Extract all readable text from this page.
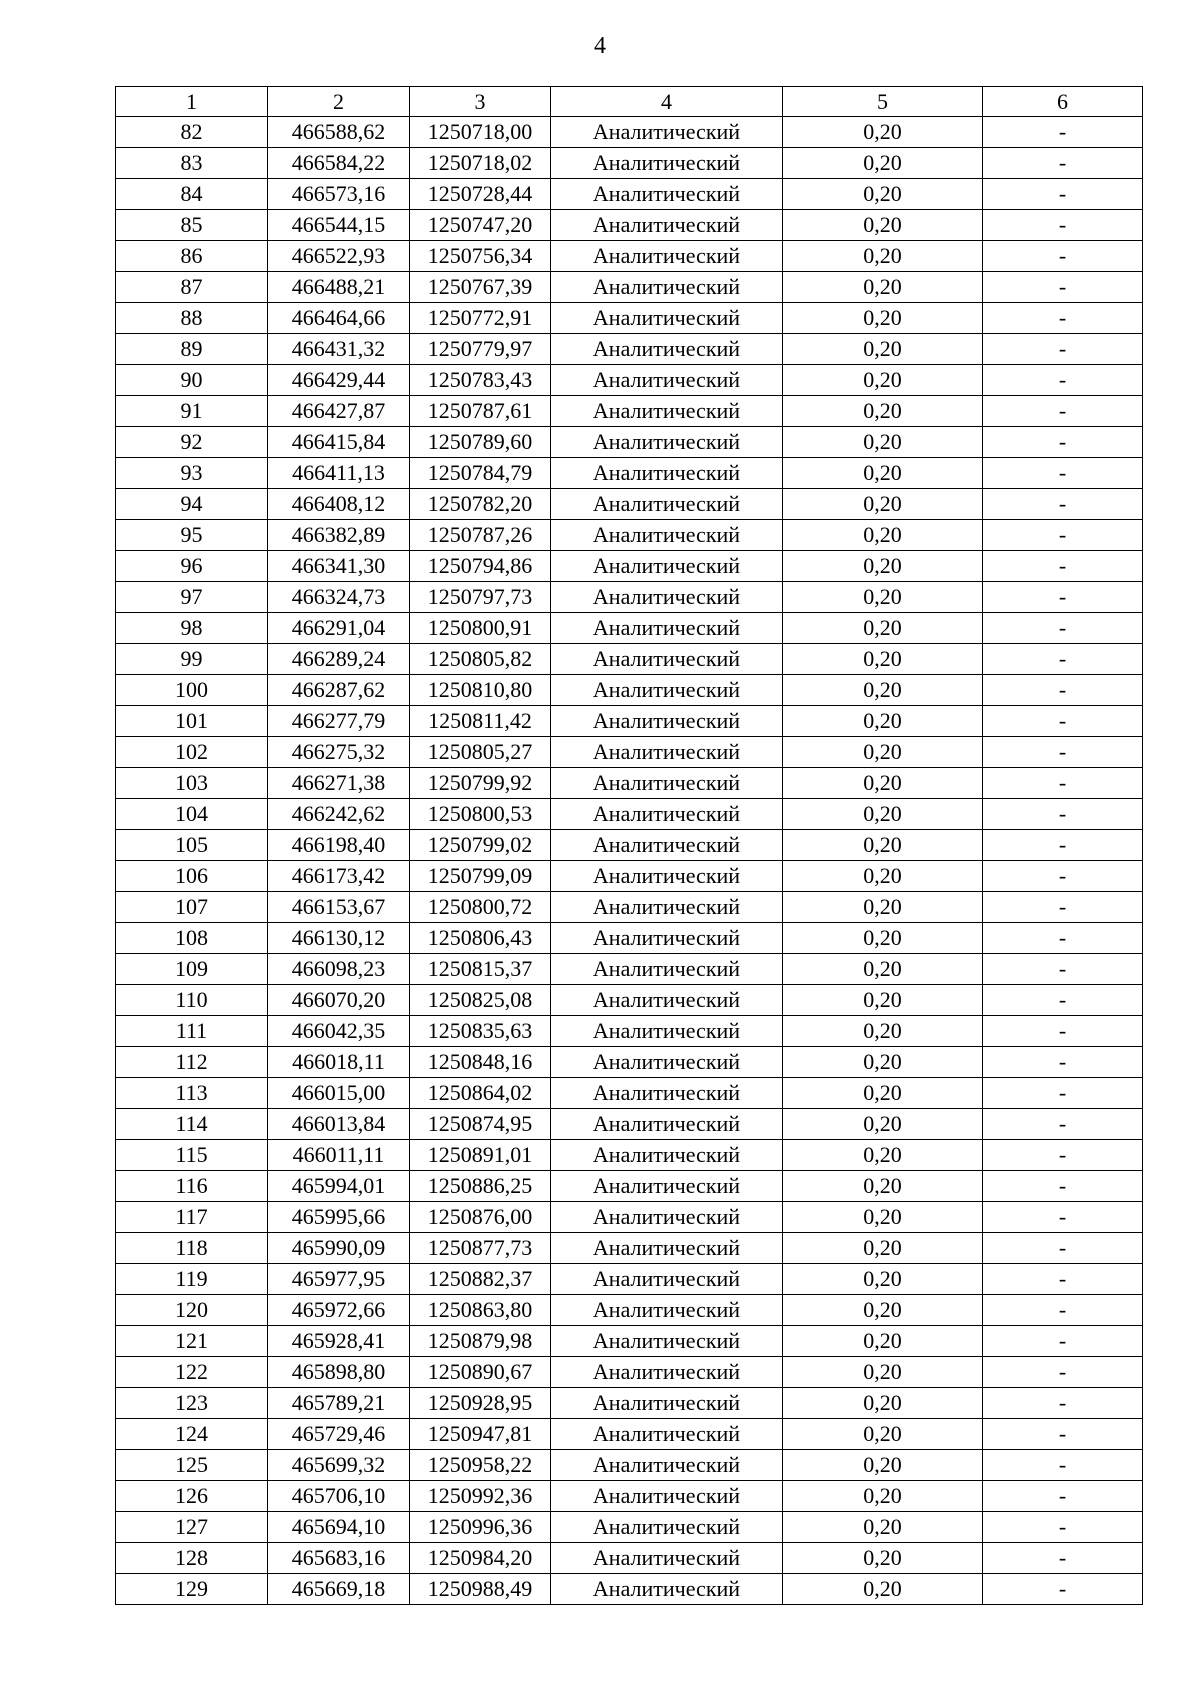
4
1	2	3	4	5	6
82	466588,62	1250718,00	Аналитический	0,20	-
83	466584,22	1250718,02	Аналитический	0,20	-
84	466573,16	1250728,44	Аналитический	0,20	-
85	466544,15	1250747,20	Аналитический	0,20	-
86	466522,93	1250756,34	Аналитический	0,20	-
87	466488,21	1250767,39	Аналитический	0,20	-
88	466464,66	1250772,91	Аналитический	0,20	-
89	466431,32	1250779,97	Аналитический	0,20	-
90	466429,44	1250783,43	Аналитический	0,20	-
91	466427,87	1250787,61	Аналитический	0,20	-
92	466415,84	1250789,60	Аналитический	0,20	-
93	466411,13	1250784,79	Аналитический	0,20	-
94	466408,12	1250782,20	Аналитический	0,20	-
95	466382,89	1250787,26	Аналитический	0,20	-
96	466341,30	1250794,86	Аналитический	0,20	-
97	466324,73	1250797,73	Аналитический	0,20	-
98	466291,04	1250800,91	Аналитический	0,20	-
99	466289,24	1250805,82	Аналитический	0,20	-
100	466287,62	1250810,80	Аналитический	0,20	-
101	466277,79	1250811,42	Аналитический	0,20	-
102	466275,32	1250805,27	Аналитический	0,20	-
103	466271,38	1250799,92	Аналитический	0,20	-
104	466242,62	1250800,53	Аналитический	0,20	-
105	466198,40	1250799,02	Аналитический	0,20	-
106	466173,42	1250799,09	Аналитический	0,20	-
107	466153,67	1250800,72	Аналитический	0,20	-
108	466130,12	1250806,43	Аналитический	0,20	-
109	466098,23	1250815,37	Аналитический	0,20	-
110	466070,20	1250825,08	Аналитический	0,20	-
111	466042,35	1250835,63	Аналитический	0,20	-
112	466018,11	1250848,16	Аналитический	0,20	-
113	466015,00	1250864,02	Аналитический	0,20	-
114	466013,84	1250874,95	Аналитический	0,20	-
115	466011,11	1250891,01	Аналитический	0,20	-
116	465994,01	1250886,25	Аналитический	0,20	-
117	465995,66	1250876,00	Аналитический	0,20	-
118	465990,09	1250877,73	Аналитический	0,20	-
119	465977,95	1250882,37	Аналитический	0,20	-
120	465972,66	1250863,80	Аналитический	0,20	-
121	465928,41	1250879,98	Аналитический	0,20	-
122	465898,80	1250890,67	Аналитический	0,20	-
123	465789,21	1250928,95	Аналитический	0,20	-
124	465729,46	1250947,81	Аналитический	0,20	-
125	465699,32	1250958,22	Аналитический	0,20	-
126	465706,10	1250992,36	Аналитический	0,20	-
127	465694,10	1250996,36	Аналитический	0,20	-
128	465683,16	1250984,20	Аналитический	0,20	-
129	465669,18	1250988,49	Аналитический	0,20	-
